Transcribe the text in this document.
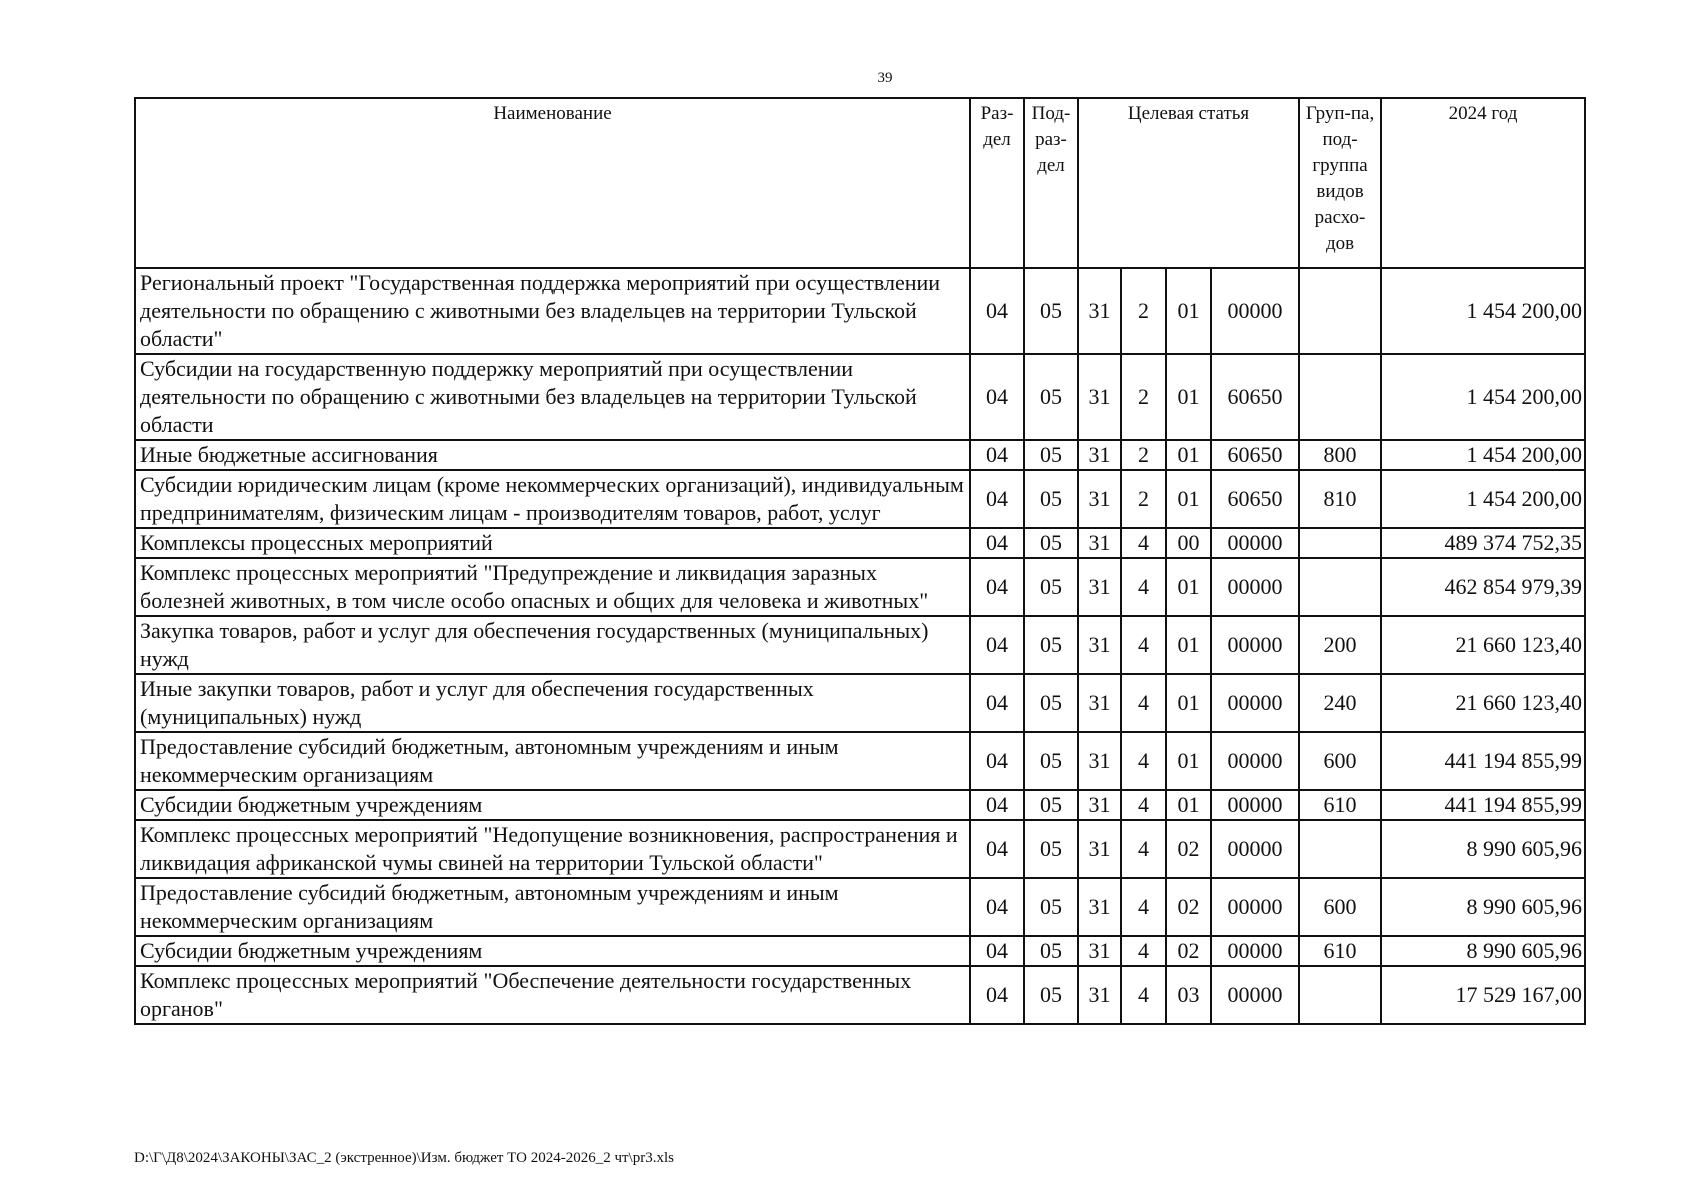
39
Наименование	Раз-дел	Под-раз-дел	Целевая статья				Груп-па, под-группа видов расхо-дов	2024 год
Региональный проект "Государственная поддержка мероприятий при осуществлении деятельности по обращению с животными без владельцев на территории Тульской области"	04	05	31	2	01	00000		1 454 200,00
Субсидии на государственную поддержку мероприятий при осуществлении деятельности по обращению с животными без владельцев на территории Тульской области	04	05	31	2	01	60650		1 454 200,00
Иные бюджетные ассигнования	04	05	31	2	01	60650	800	1 454 200,00
Субсидии юридическим лицам (кроме некоммерческих организаций), индивидуальным предпринимателям, физическим лицам - производителям товаров, работ, услуг	04	05	31	2	01	60650	810	1 454 200,00
Комплексы процессных мероприятий	04	05	31	4	00	00000		489 374 752,35
Комплекс процессных мероприятий "Предупреждение и ликвидация заразных болезней животных, в том числе особо опасных и общих для человека и животных"	04	05	31	4	01	00000		462 854 979,39
Закупка товаров, работ и услуг для обеспечения государственных (муниципальных) нужд	04	05	31	4	01	00000	200	21 660 123,40
Иные закупки товаров, работ и услуг для обеспечения государственных (муниципальных) нужд	04	05	31	4	01	00000	240	21 660 123,40
Предоставление субсидий бюджетным, автономным учреждениям и иным некоммерческим организациям	04	05	31	4	01	00000	600	441 194 855,99
Субсидии бюджетным учреждениям	04	05	31	4	01	00000	610	441 194 855,99
Комплекс процессных мероприятий "Недопущение возникновения, распространения и ликвидация африканской чумы свиней на территории Тульской области"	04	05	31	4	02	00000		8 990 605,96
Предоставление субсидий бюджетным, автономным учреждениям и иным некоммерческим организациям	04	05	31	4	02	00000	600	8 990 605,96
Субсидии бюджетным учреждениям	04	05	31	4	02	00000	610	8 990 605,96
Комплекс процессных мероприятий "Обеспечение деятельности государственных органов"	04	05	31	4	03	00000		17 529 167,00
D:\Г\Д8\2024\ЗАКОНЫ\ЗАС_2 (экстренное)\Изм. бюджет ТО 2024-2026_2 чт\pr3.xls
